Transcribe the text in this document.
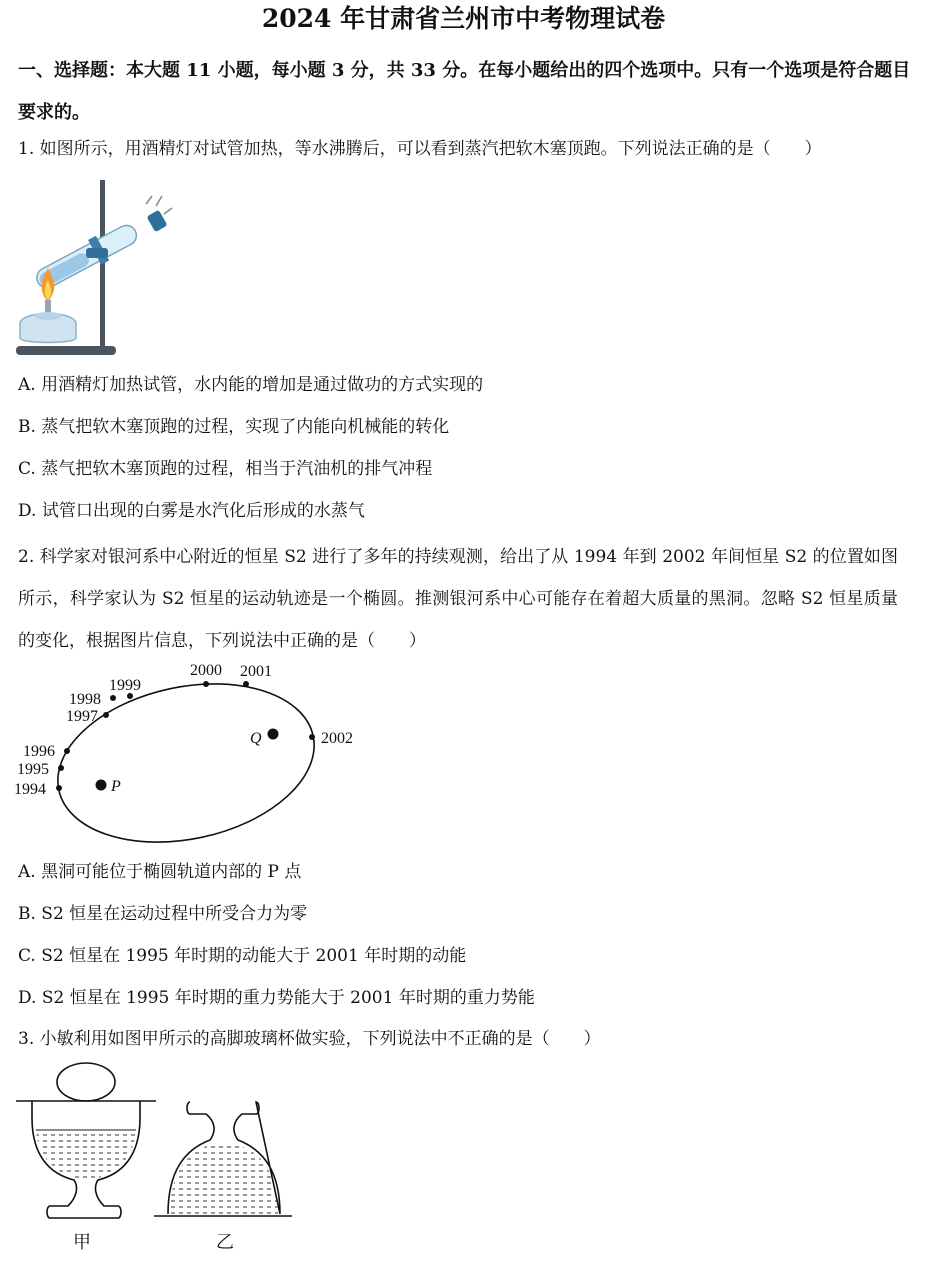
2024 年甘肃省兰州市中考物理试卷
一、选择题：本大题 11 小题，每小题 3 分，共 33 分。在每小题给出的四个选项中。只有一个选项是符合题目要求的。
1. 如图所示，用酒精灯对试管加热，等水沸腾后，可以看到蒸汽把软木塞顶跑。下列说法正确的是（　　）
A. 用酒精灯加热试管，水内能的增加是通过做功的方式实现的
B. 蒸气把软木塞顶跑的过程，实现了内能向机械能的转化
C. 蒸气把软木塞顶跑的过程，相当于汽油机的排气冲程
D. 试管口出现的白雾是水汽化后形成的水蒸气
2. 科学家对银河系中心附近的恒星 S2 进行了多年的持续观测，给出了从 1994 年到 2002 年间恒星 S2 的位置如图所示，科学家认为 S2 恒星的运动轨迹是一个椭圆。推测银河系中心可能存在着超大质量的黑洞。忽略 S2 恒星质量的变化，根据图片信息，下列说法中正确的是（　　）
1994
1995
1996
1997
1998
1999
2000 2001
2002
P
Q
A. 黑洞可能位于椭圆轨道内部的 P 点
B. S2 恒星在运动过程中所受合力为零
C. S2 恒星在 1995 年时期的动能大于 2001 年时期的动能
D. S2 恒星在 1995 年时期的重力势能大于 2001 年时期的重力势能
3. 小敏利用如图甲所示的高脚玻璃杯做实验，下列说法中不正确的是（　　）
甲	乙
